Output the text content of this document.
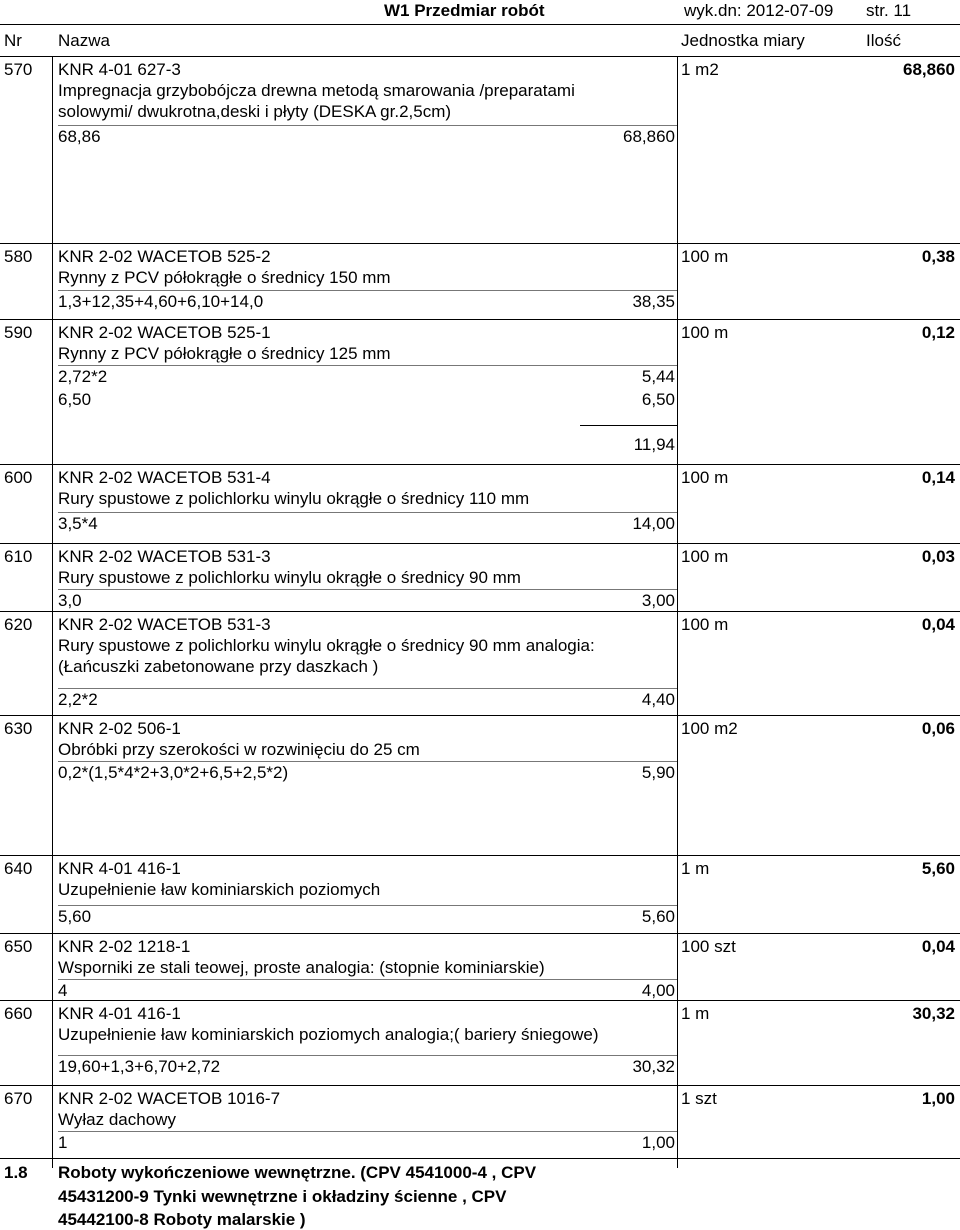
W1 Przedmiar robót	wyk.dn: 2012-07-09 str. 11
Nr Nazwa	Jednostka miary	Ilość
570 KNR 4-01 627-3	1 m2	68,860
Impregnacja grzybobójcza drewna metodą smarowania /preparatami
solowymi/ dwukrotna,deski i płyty (DESKA gr.2,5cm)
68,86	68,860
580 KNR 2-02 WACETOB 525-2	100 m	0,38
Rynny z PCV półokrągłe o średnicy 150 mm
1,3+12,35+4,60+6,10+14,0	38,35
590 KNR 2-02 WACETOB 525-1	100 m	0,12
Rynny z PCV półokrągłe o średnicy 125 mm
2,72*2	5,44
6,50	6,50
11,94
600 KNR 2-02 WACETOB 531-4	100 m	0,14
Rury spustowe z polichlorku winylu okrągłe o średnicy 110 mm
3,5*4	14,00
610 KNR 2-02 WACETOB 531-3	100 m	0,03
Rury spustowe z polichlorku winylu okrągłe o średnicy 90 mm
3,0	3,00
620 KNR 2-02 WACETOB 531-3	100 m	0,04
Rury spustowe z polichlorku winylu okrągłe o średnicy 90 mm analogia:
(Łańcuszki zabetonowane przy daszkach )
2,2*2	4,40
630 KNR 2-02 506-1	100 m2	0,06
Obróbki przy szerokości w rozwinięciu do 25 cm
0,2*(1,5*4*2+3,0*2+6,5+2,5*2)	5,90
640 KNR 4-01 416-1	1 m	5,60
Uzupełnienie ław kominiarskich poziomych
5,60	5,60
650 KNR 2-02 1218-1	100 szt	0,04
Wsporniki ze stali teowej, proste analogia: (stopnie kominiarskie)
4	4,00
660 KNR 4-01 416-1	1 m	30,32
Uzupełnienie ław kominiarskich poziomych analogia;( bariery śniegowe)
19,60+1,3+6,70+2,72	30,32
670 KNR 2-02 WACETOB 1016-7	1 szt	1,00
Wyłaz dachowy
1	1,00
1.8 Roboty wykończeniowe wewnętrzne. (CPV 4541000-4 , CPV
45431200-9 Tynki wewnętrzne i okładziny ścienne , CPV
45442100-8 Roboty malarskie )
